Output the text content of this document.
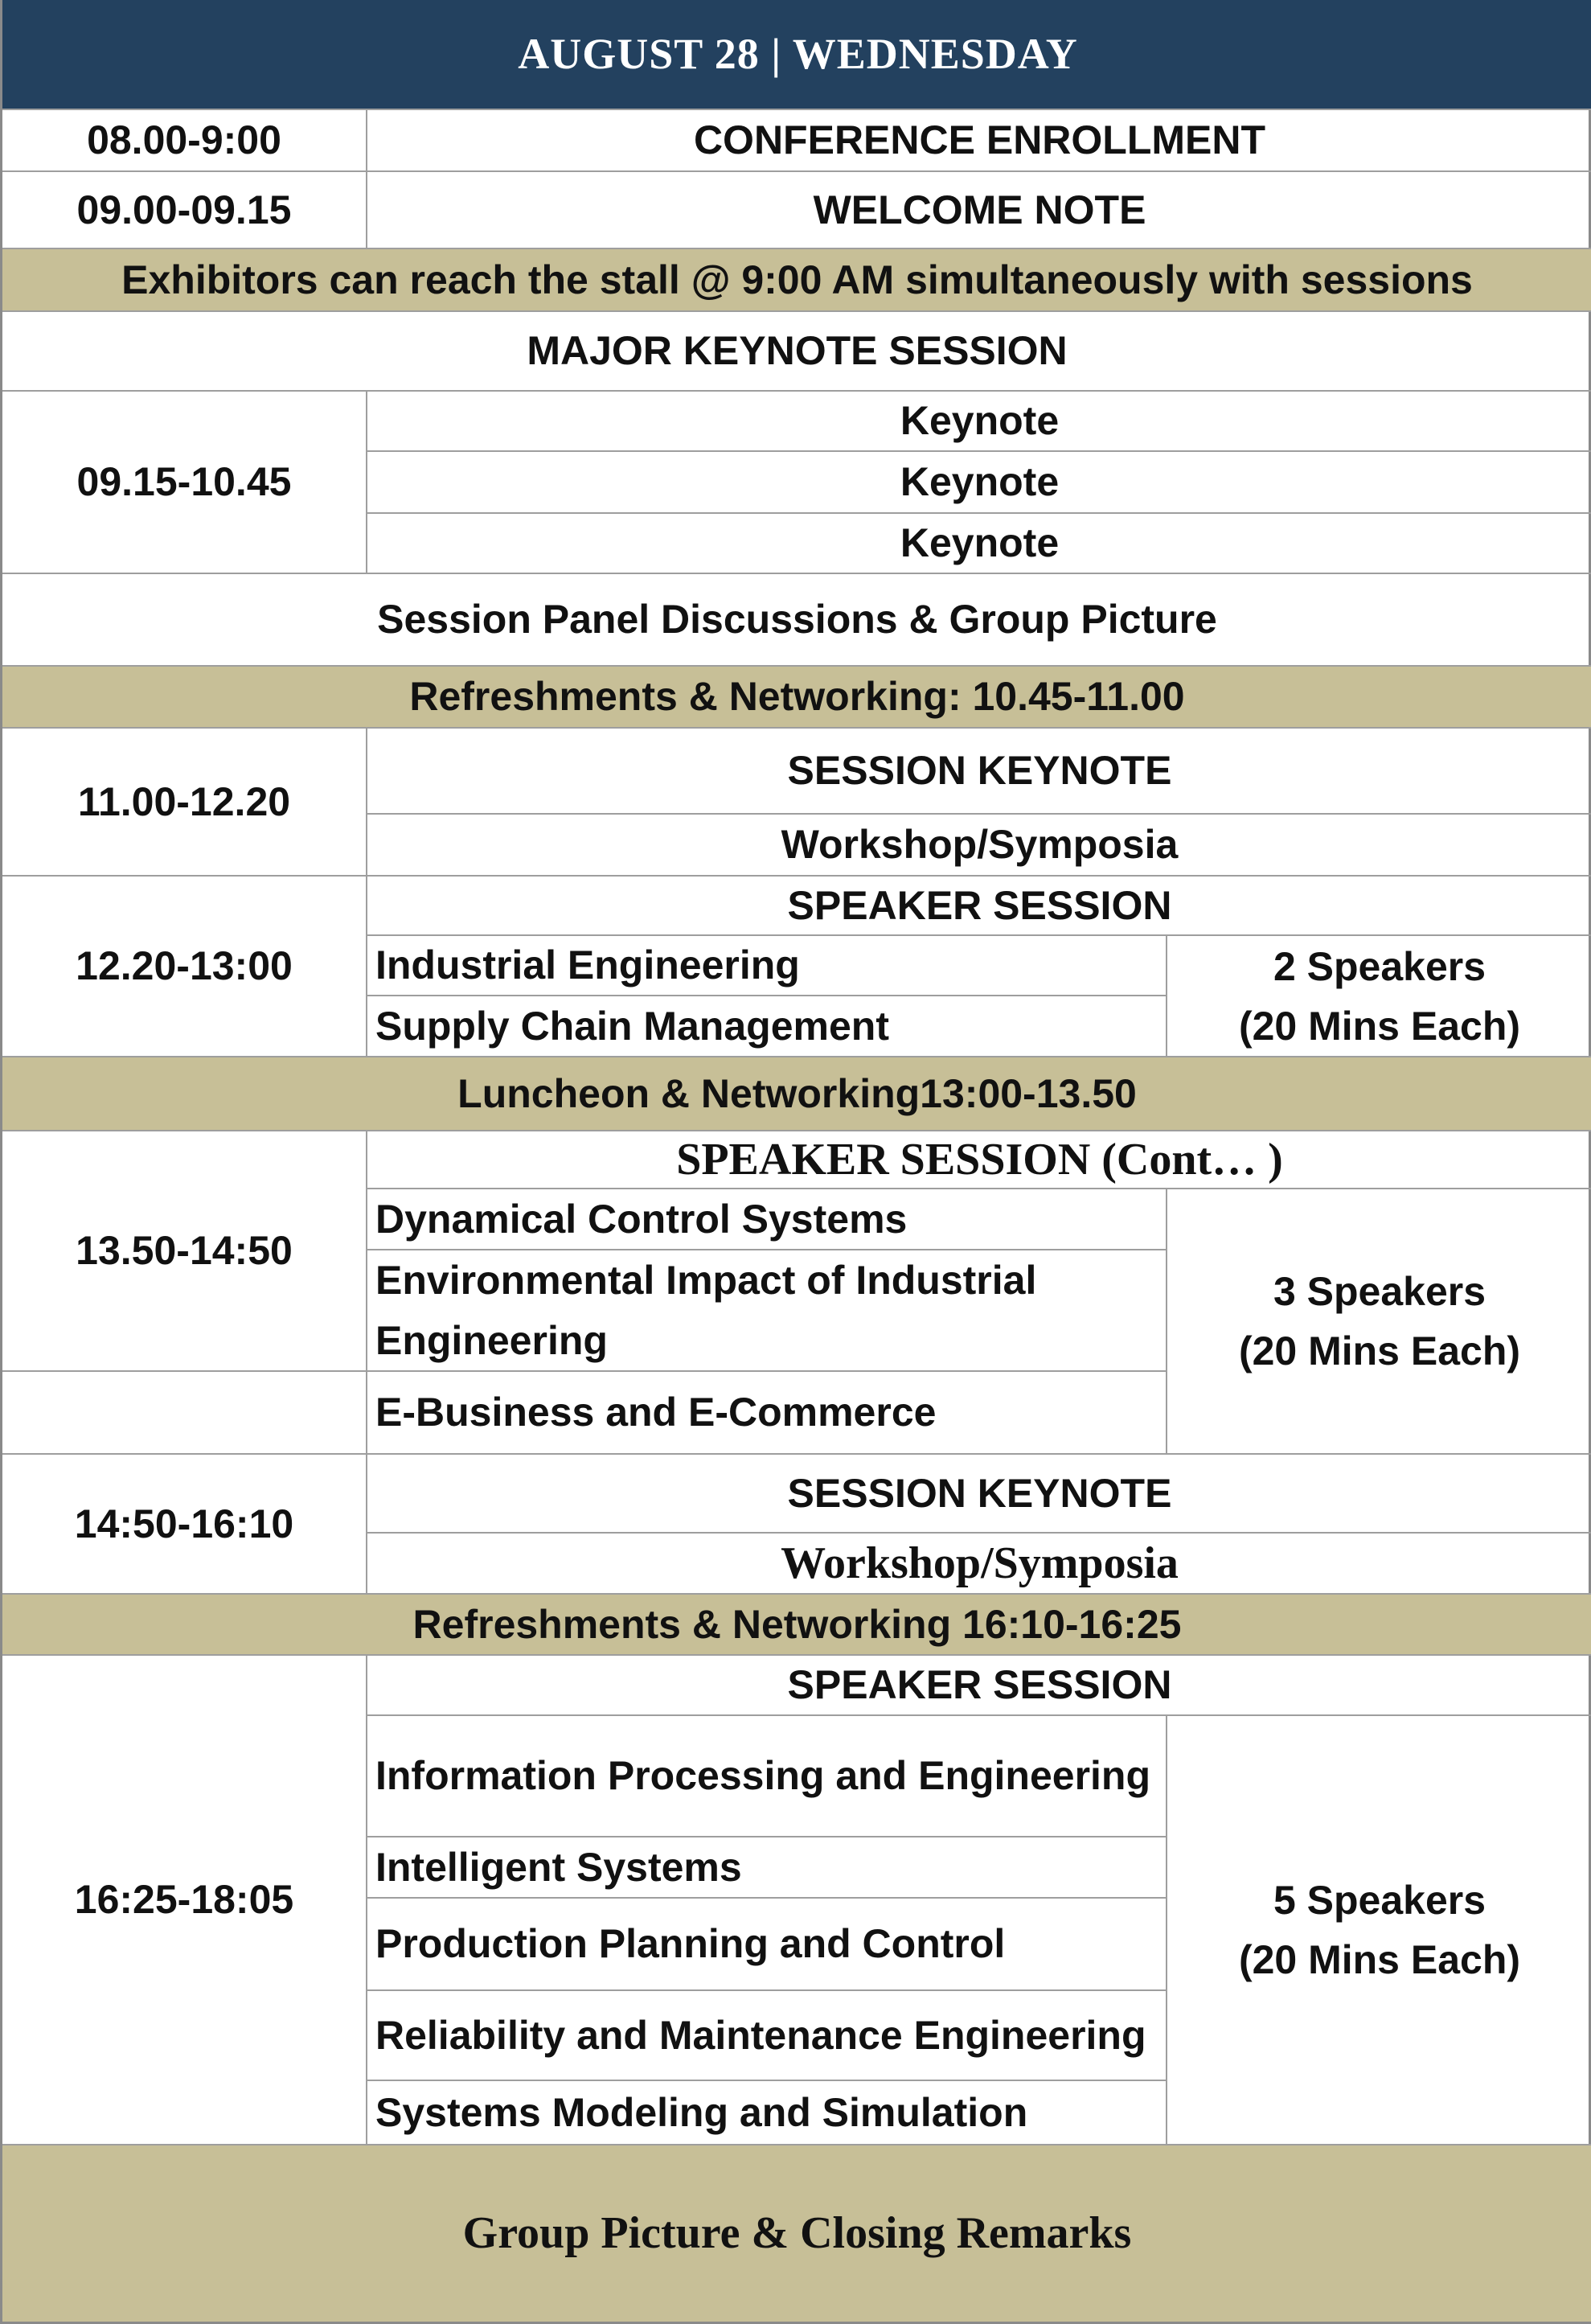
AUGUST 28 | WEDNESDAY
08.00-9:00	CONFERENCE ENROLLMENT
09.00-09.15	WELCOME NOTE
Exhibitors can reach the stall @ 9:00 AM simultaneously with sessions
MAJOR KEYNOTE SESSION
09.15-10.45
Keynote
Keynote
Keynote
Session Panel Discussions & Group Picture
Refreshments & Networking: 10.45-11.00
11.00-12.20
SESSION KEYNOTE
Workshop/Symposia
12.20-13:00
SPEAKER SESSION
Industrial Engineering
Supply Chain Management
2 Speakers
(20 Mins Each)
Luncheon & Networking13:00-13.50
13.50-14:50
SPEAKER SESSION (Cont… )
Dynamical Control Systems
Environmental Impact of Industrial Engineering
E-Business and E-Commerce
3 Speakers
(20 Mins Each)
14:50-16:10
SESSION KEYNOTE
Workshop/Symposia
Refreshments & Networking 16:10-16:25
16:25-18:05
SPEAKER SESSION
Information Processing and Engineering
Intelligent Systems
Production Planning and Control
Reliability and Maintenance Engineering
Systems Modeling and Simulation
5 Speakers
(20 Mins Each)
Group Picture & Closing Remarks
